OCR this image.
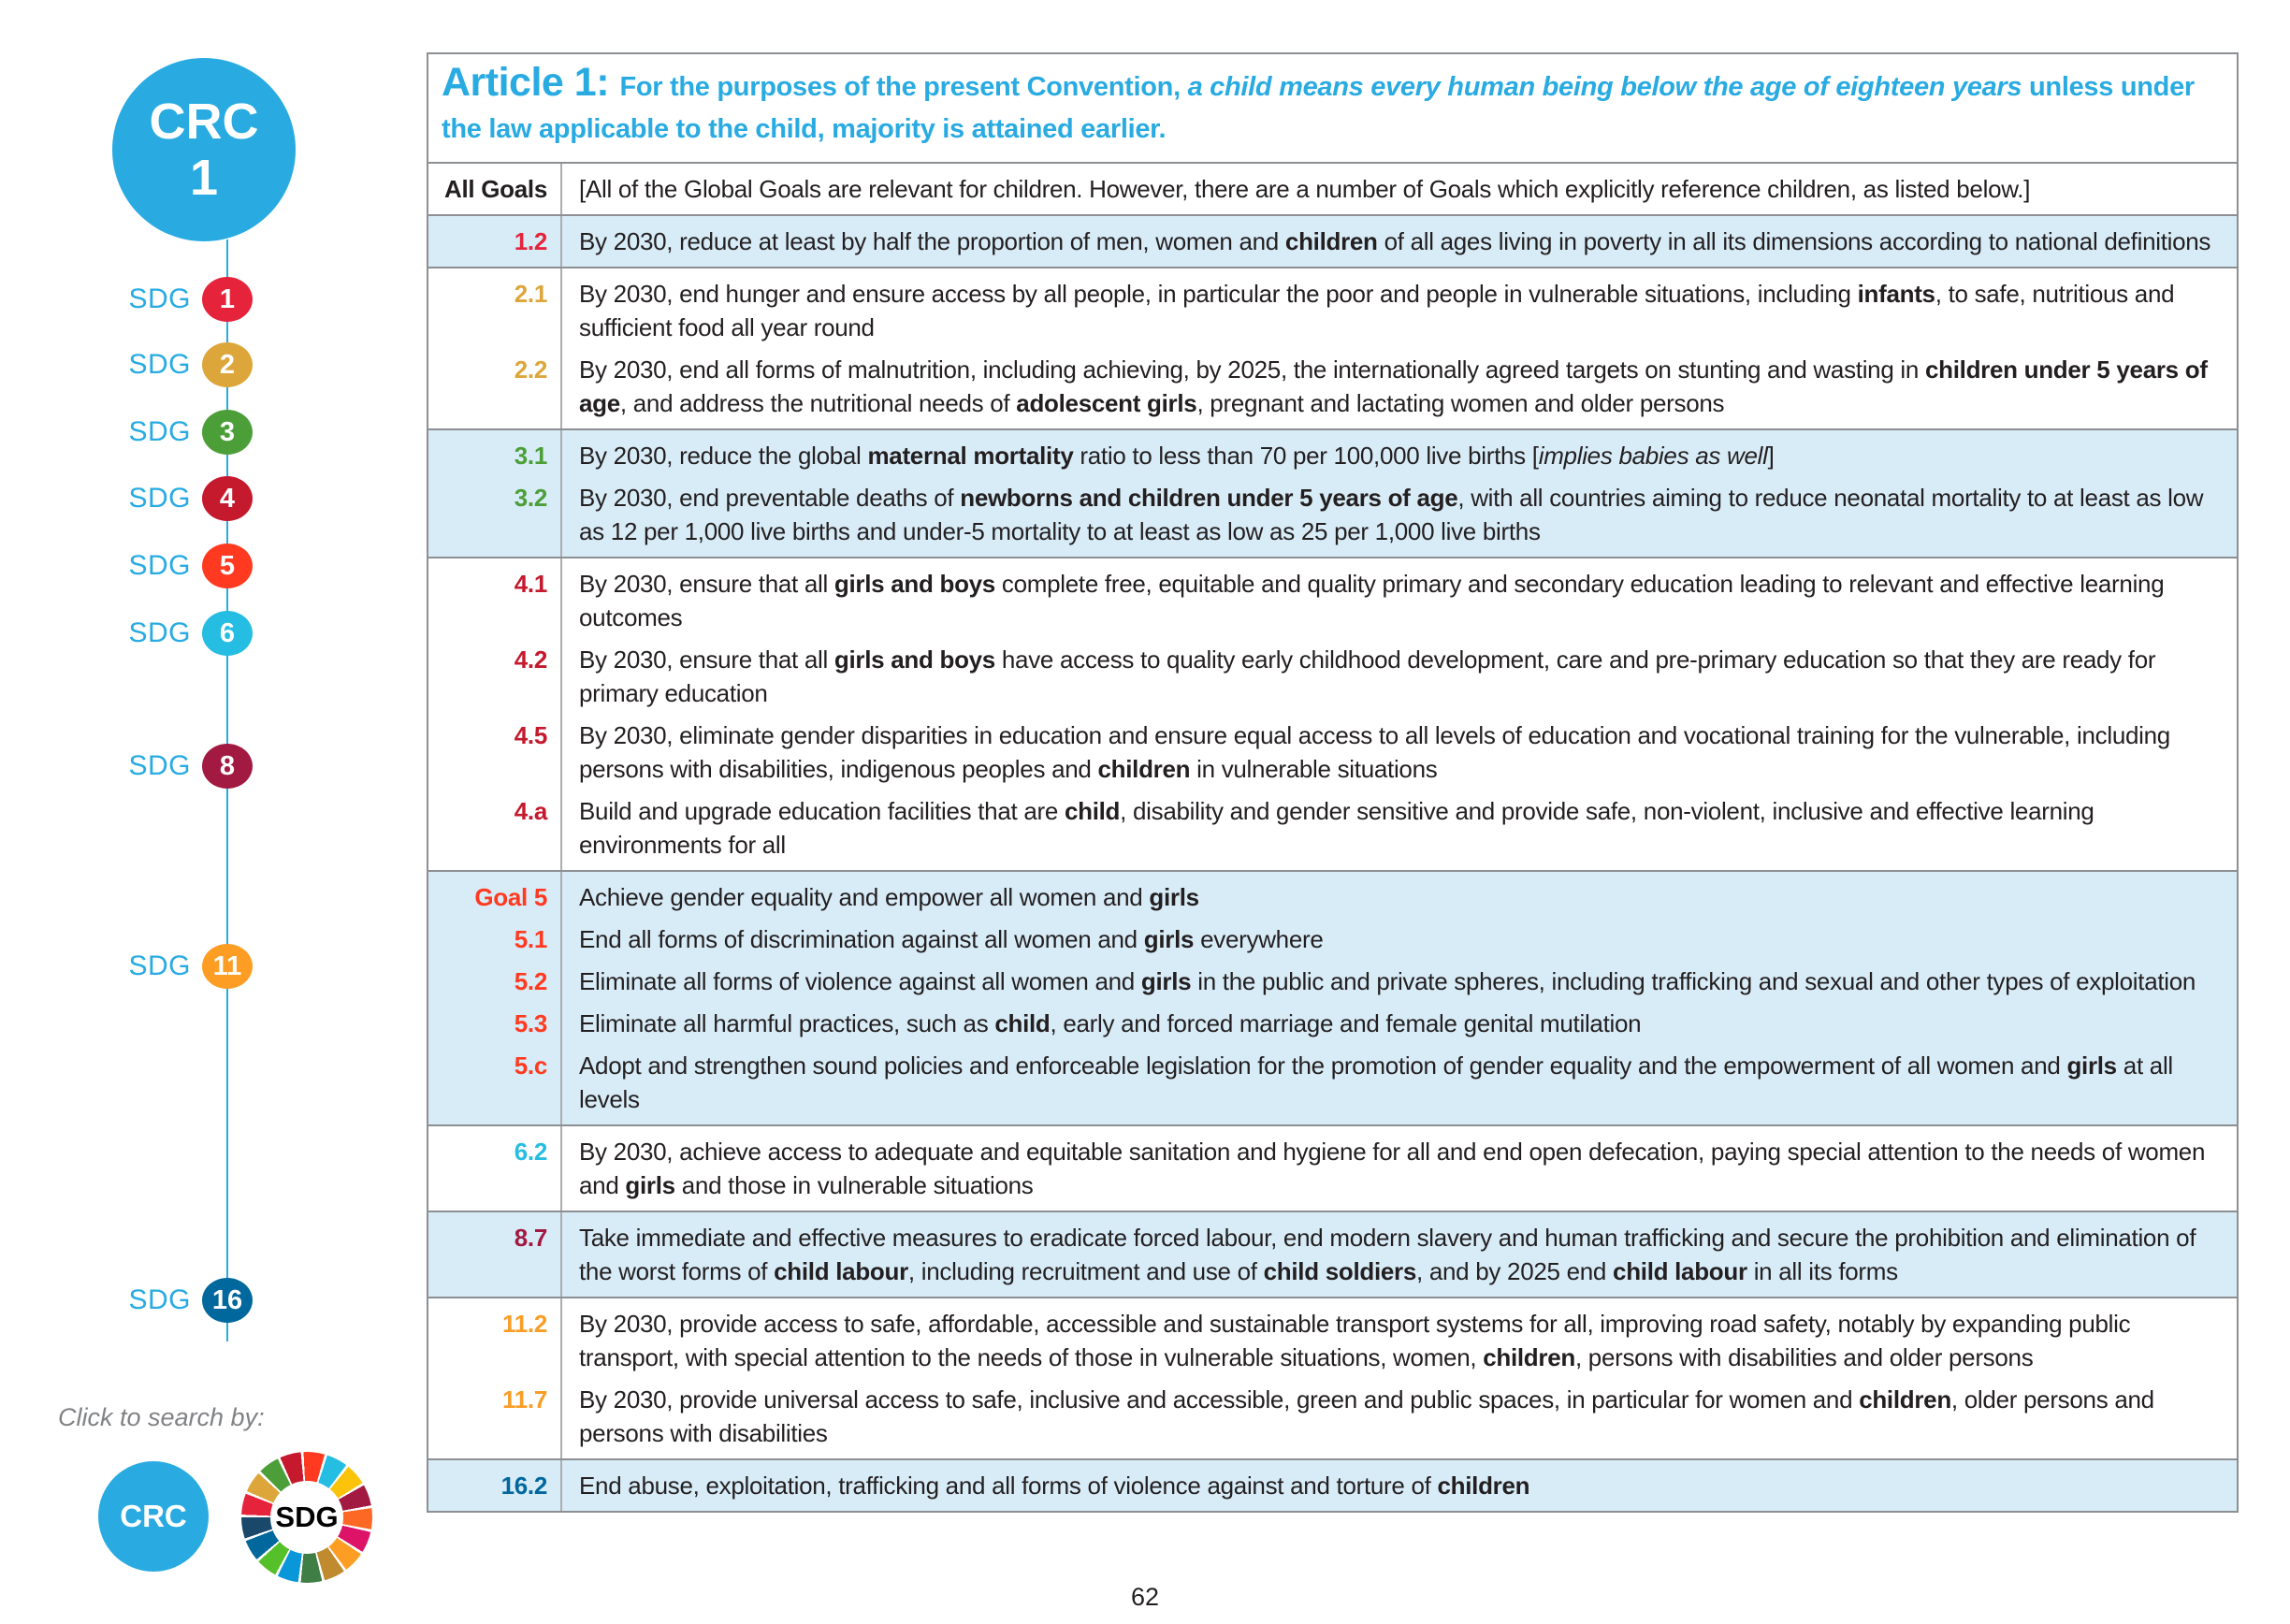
CRC
1
SDG	1
SDG	2
SDG	3
SDG	4
SDG	5
SDG	6
SDG	8
SDG 11
SDG 16
Click to search by:
CRC	SDG
Article 1: For the purposes of the present Convention, a child means every human being below the age of eighteen years unless under the law applicable to the child, majority is attained earlier.
All Goals	[All of the Global Goals are relevant for children. However, there are a number of Goals which explicitly reference children, as listed below.]
1.2	By 2030, reduce at least by half the proportion of men, women and children of all ages living in poverty in all its dimensions according to national definitions
2.1	By 2030, end hunger and ensure access by all people, in particular the poor and people in vulnerable situations, including infants, to safe, nutritious and sufficient food all year round
2.2	By 2030, end all forms of malnutrition, including achieving, by 2025, the internationally agreed targets on stunting and wasting in children under 5 years of age, and address the nutritional needs of adolescent girls, pregnant and lactating women and older persons
3.1	By 2030, reduce the global maternal mortality ratio to less than 70 per 100,000 live births [implies babies as well]
3.2	By 2030, end preventable deaths of newborns and children under 5 years of age, with all countries aiming to reduce neonatal mortality to at least as low as 12 per 1,000 live births and under-5 mortality to at least as low as 25 per 1,000 live births
4.1	By 2030, ensure that all girls and boys complete free, equitable and quality primary and secondary education leading to relevant and effective learning outcomes
4.2	By 2030, ensure that all girls and boys have access to quality early childhood development, care and pre-primary education so that they are ready for primary education
4.5	By 2030, eliminate gender disparities in education and ensure equal access to all levels of education and vocational training for the vulnerable, including persons with disabilities, indigenous peoples and children in vulnerable situations
4.a	Build and upgrade education facilities that are child, disability and gender sensitive and provide safe, non-violent, inclusive and effective learning environments for all
Goal 5	Achieve gender equality and empower all women and girls
5.1	End all forms of discrimination against all women and girls everywhere
5.2	Eliminate all forms of violence against all women and girls in the public and private spheres, including trafficking and sexual and other types of exploitation
5.3	Eliminate all harmful practices, such as child, early and forced marriage and female genital mutilation
5.c	Adopt and strengthen sound policies and enforceable legislation for the promotion of gender equality and the empowerment of all women and girls at all levels
6.2	By 2030, achieve access to adequate and equitable sanitation and hygiene for all and end open defecation, paying special attention to the needs of women and girls and those in vulnerable situations
8.7	Take immediate and effective measures to eradicate forced labour, end modern slavery and human trafficking and secure the prohibition and elimination of the worst forms of child labour, including recruitment and use of child soldiers, and by 2025 end child labour in all its forms
11.2	By 2030, provide access to safe, affordable, accessible and sustainable transport systems for all, improving road safety, notably by expanding public transport, with special attention to the needs of those in vulnerable situations, women, children, persons with disabilities and older persons
11.7	By 2030, provide universal access to safe, inclusive and accessible, green and public spaces, in particular for women and children, older persons and persons with disabilities
16.2	End abuse, exploitation, trafficking and all forms of violence against and torture of children
62
